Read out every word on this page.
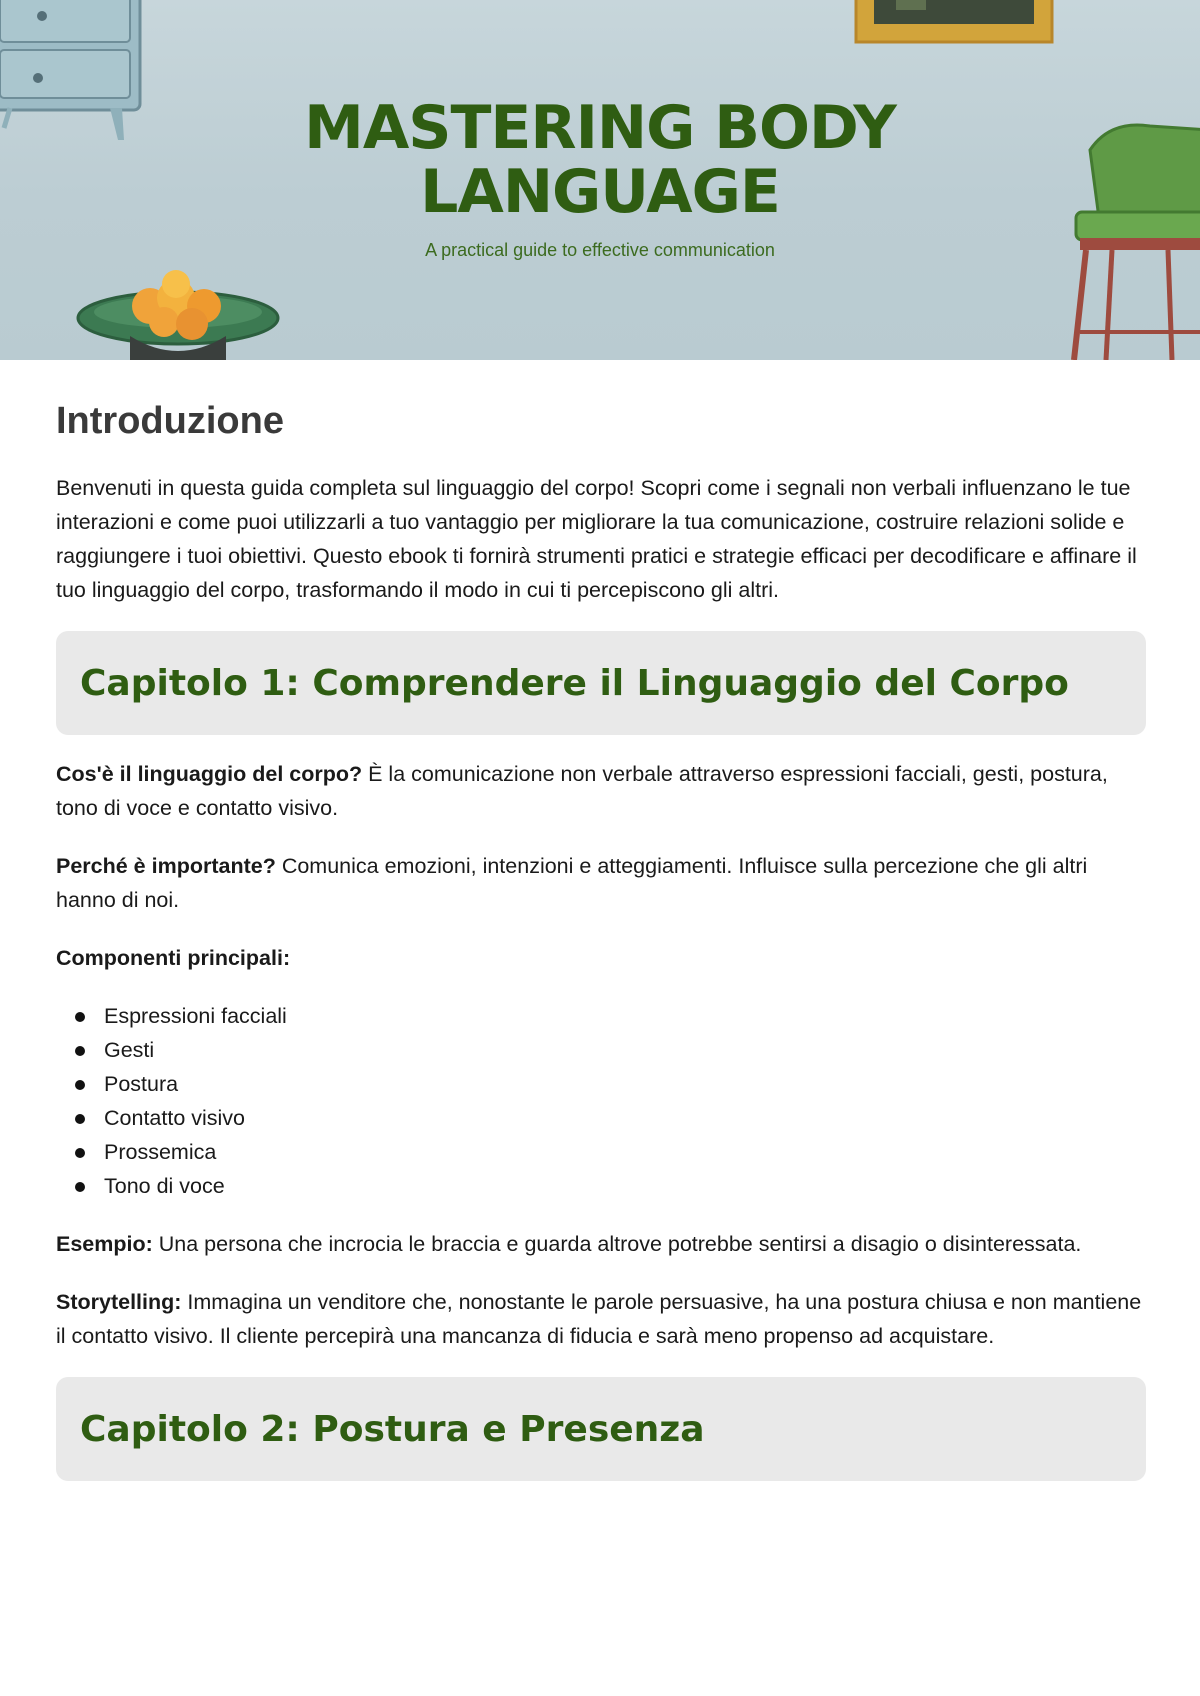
MASTERING BODY
LANGUAGE
A practical guide to effective communication
Introduzione

Benvenuti in questa guida completa sul linguaggio del corpo! Scopri come i segnali non verbali influenzano le tue interazioni e come puoi utilizzarli a tuo vantaggio per migliorare la tua comunicazione, costruire relazioni solide e raggiungere i tuoi obiettivi. Questo ebook ti fornirà strumenti pratici e strategie efficaci per decodificare e affinare il tuo linguaggio del corpo, trasformando il modo in cui ti percepiscono gli altri.

Capitolo 1: Comprendere il Linguaggio del Corpo

Cos'è il linguaggio del corpo? È la comunicazione non verbale attraverso espressioni facciali, gesti, postura, tono di voce e contatto visivo.

Perché è importante? Comunica emozioni, intenzioni e atteggiamenti. Influisce sulla percezione che gli altri hanno di noi.

Componenti principali:

Espressioni facciali
Gesti
Postura
Contatto visivo
Prossemica
Tono di voce

Esempio: Una persona che incrocia le braccia e guarda altrove potrebbe sentirsi a disagio o disinteressata.

Storytelling: Immagina un venditore che, nonostante le parole persuasive, ha una postura chiusa e non mantiene il contatto visivo. Il cliente percepirà una mancanza di fiducia e sarà meno propenso ad acquistare.

Capitolo 2: Postura e Presenza
